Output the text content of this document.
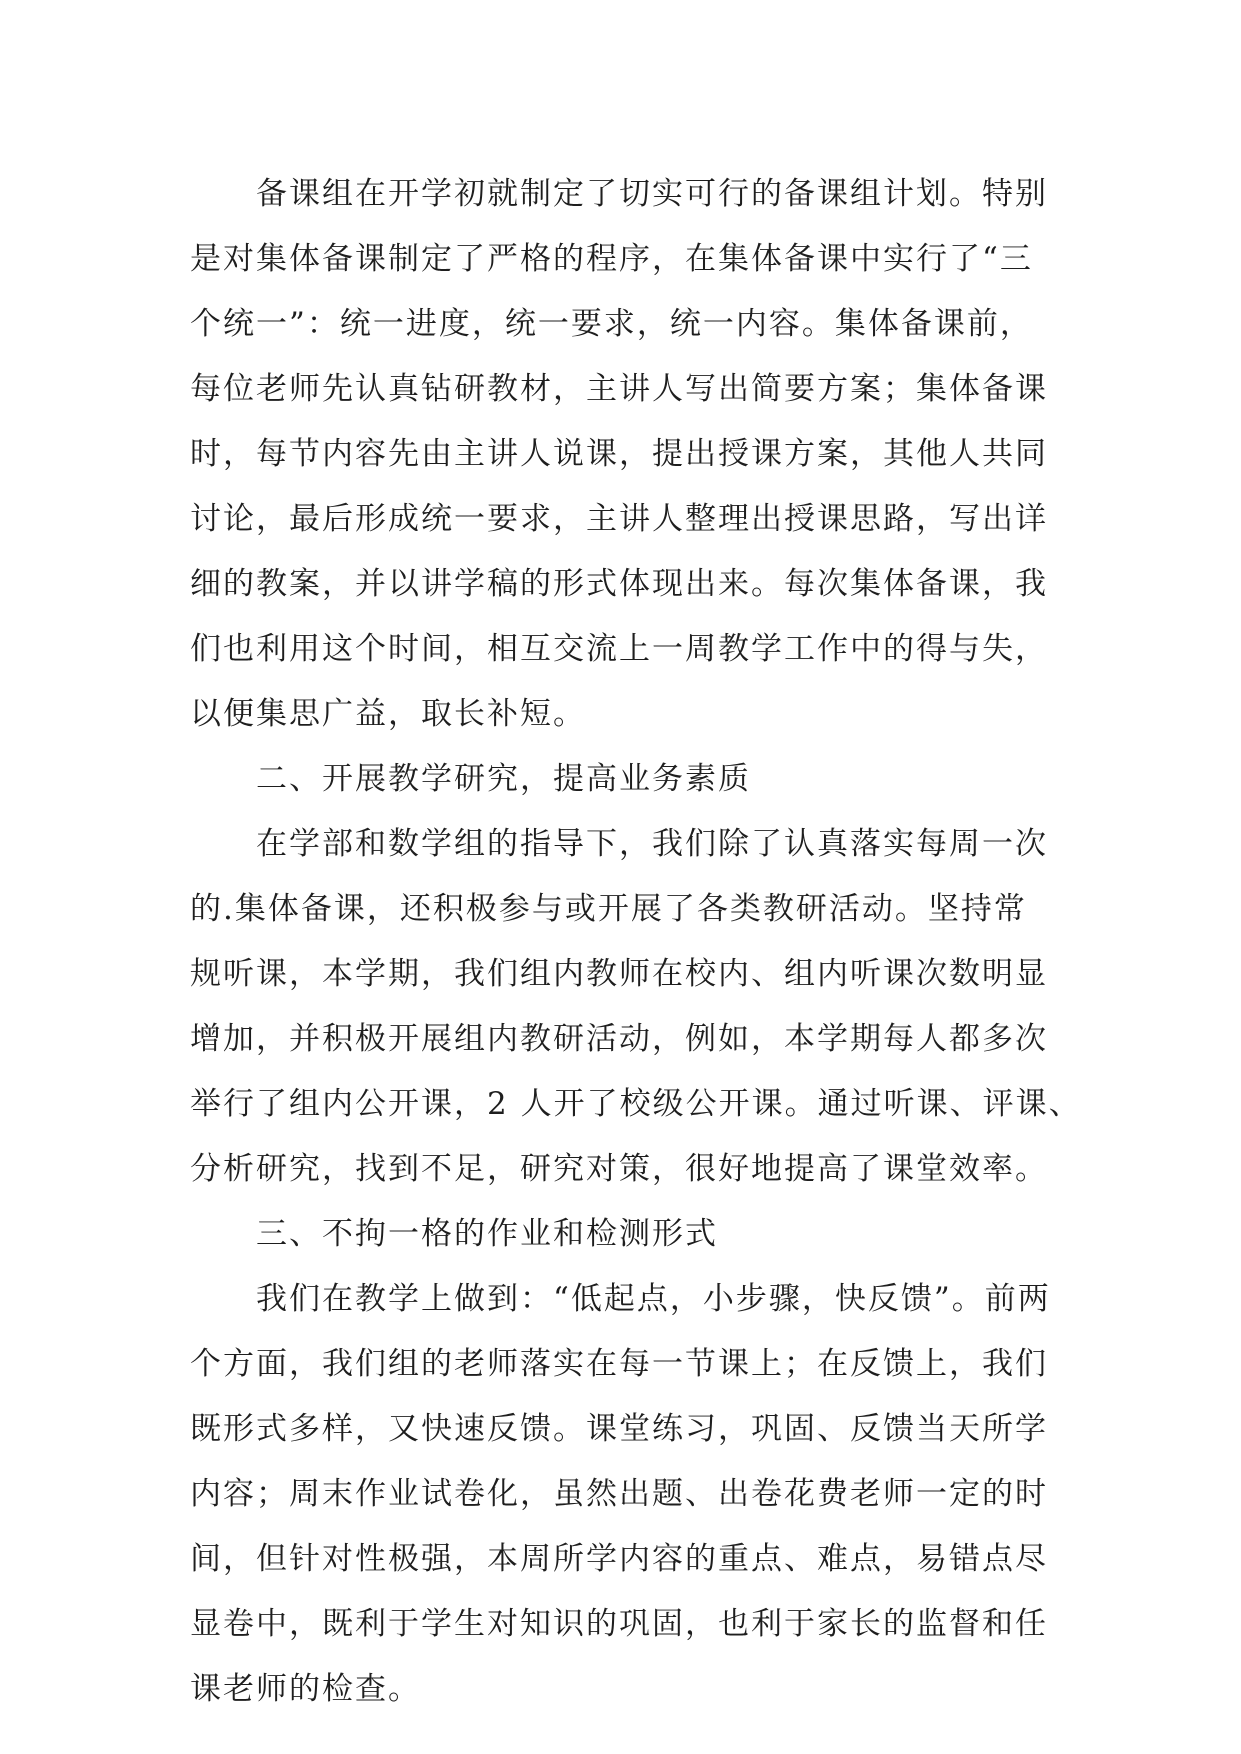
备课组在开学初就制定了切实可行的备课组计划。特别
是对集体备课制定了严格的程序，在集体备课中实行了“三
个统一”：统一进度，统一要求，统一内容。集体备课前，
每位老师先认真钻研教材，主讲人写出简要方案；集体备课
时，每节内容先由主讲人说课，提出授课方案，其他人共同
讨论，最后形成统一要求，主讲人整理出授课思路，写出详
细的教案，并以讲学稿的形式体现出来。每次集体备课，我
们也利用这个时间，相互交流上一周教学工作中的得与失，
以便集思广益，取长补短。
二、开展教学研究，提高业务素质
在学部和数学组的指导下，我们除了认真落实每周一次
的.集体备课，还积极参与或开展了各类教研活动。坚持常
规听课，本学期，我们组内教师在校内、组内听课次数明显
增加，并积极开展组内教研活动，例如，本学期每人都多次
举行了组内公开课，2 人开了校级公开课。通过听课、评课、
分析研究，找到不足，研究对策，很好地提高了课堂效率。
三、不拘一格的作业和检测形式
我们在教学上做到：“低起点，小步骤，快反馈”。前两
个方面，我们组的老师落实在每一节课上；在反馈上，我们
既形式多样，又快速反馈。课堂练习，巩固、反馈当天所学
内容；周末作业试卷化，虽然出题、出卷花费老师一定的时
间，但针对性极强，本周所学内容的重点、难点，易错点尽
显卷中，既利于学生对知识的巩固，也利于家长的监督和任
课老师的检查。
